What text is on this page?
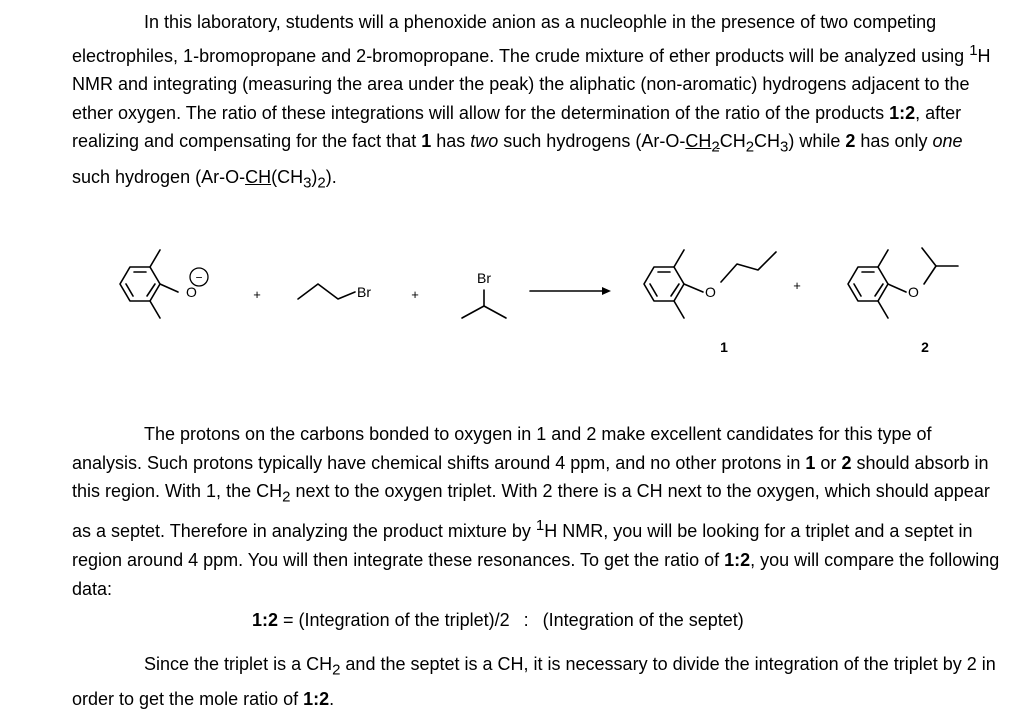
In this laboratory, students will a phenoxide anion as a nucleophle in the presence of two competing electrophiles, 1-bromopropane and 2-bromopropane. The crude mixture of ether products will be analyzed using $^1$H NMR and integrating (measuring the area under the peak) the aliphatic (non-aromatic) hydrogens adjacent to the ether oxygen. The ratio of these integrations will allow for the determination of the ratio of the products 1:2, after realizing and compensating for the fact that 1 has two such hydrogens $(Ar-O-CH_2CH_2CH_3)$ while 2 has only one such hydrogen $(Ar-O-CH(CH_3)_2)$.
O
−
+	Br	+
Br
O	+	O
1	2
The protons on the carbons bonded to oxygen in 1 and 2 make excellent candidates for this type of analysis. Such protons typically have chemical shifts around 4 ppm, and no other protons in 1 or 2 should absorb in this region. With 1, the $CH_2$ next to the oxygen triplet. With 2 there is a CH next to the oxygen, which should appear as a septet. Therefore in analyzing the product mixture by $^1$H NMR, you will be looking for a triplet and a septet in region around 4 ppm. You will then integrate these resonances. To get the ratio of 1:2, you will compare the following data:
1:2 = (Integration of the triplet)/2 : (Integration of the septet)
Since the triplet is a $CH_2$ and the septet is a CH, it is necessary to divide the integration of the triplet by 2 in order to get the mole ratio of 1:2.
